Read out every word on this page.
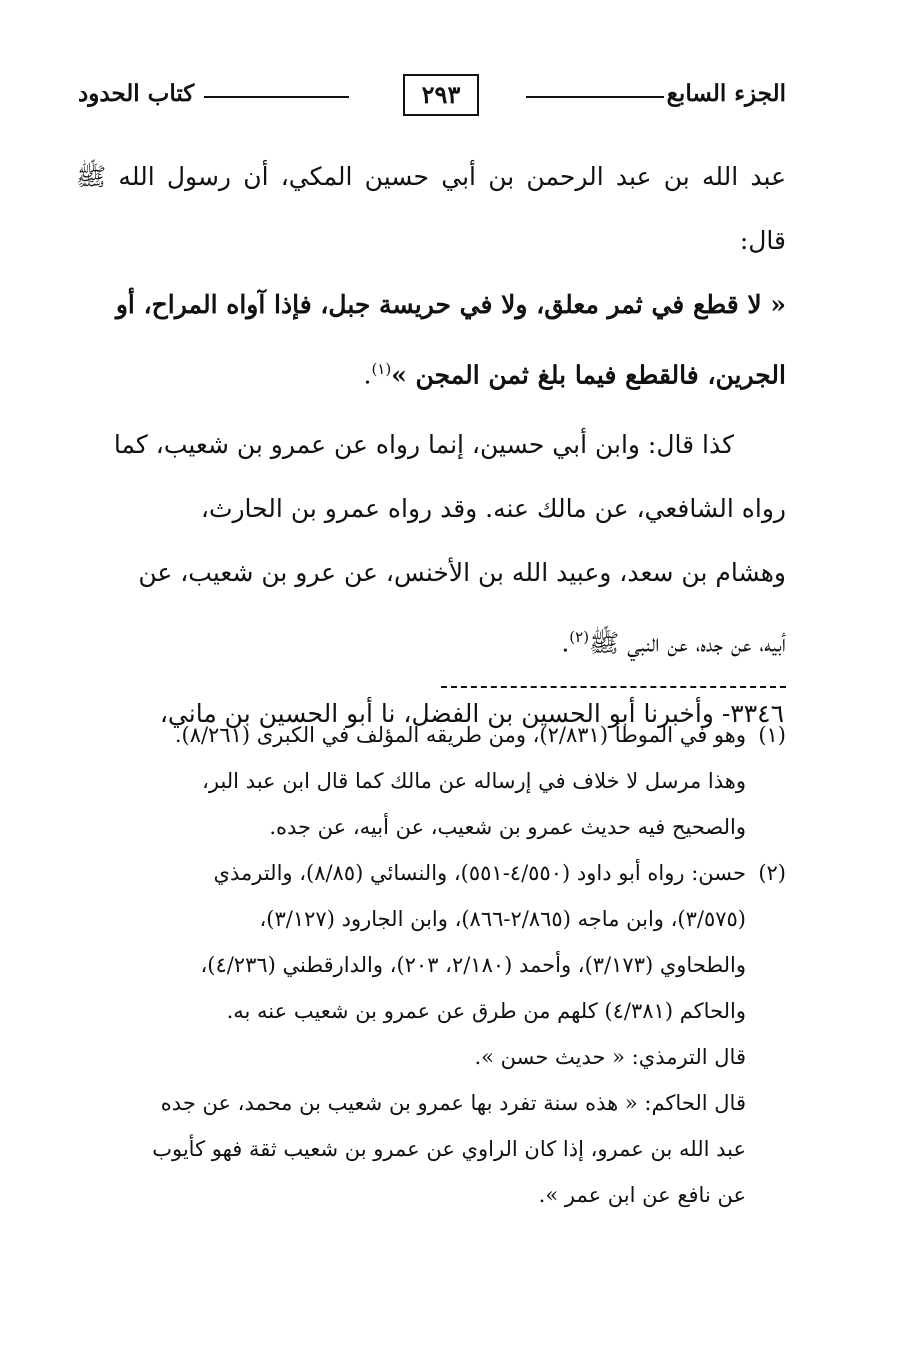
الجزء السابع
٢٩٣
كتاب الحدود

عبد الله بن عبد الرحمن بن أبي حسين المكي، أن رسول الله ﷺ قال:

« لا قطع في ثمر معلق، ولا في حريسة جبل، فإذا آواه المراح، أو

الجرين، فالقطع فيما بلغ ثمن المجن »$^{(١)}$.

كذا قال: وابن أبي حسين، إنما رواه عن عمرو بن شعيب، كما

رواه الشافعي، عن مالك عنه. وقد رواه عمرو بن الحارث،

وهشام بن سعد، وعبيد الله بن الأخنس، عن عرو بن شعيب، عن

أبيه، عن جده، عن النبي ﷺ$^{(٢)}$.

٣٣٤٦- وأخبرنا أبو الحسين بن الفضل، نا أبو الحسين بن ماني،

(١)

وهو في الموطأ (٢/٨٣١)، ومن طريقه المؤلف في الكبرى (٨/٢٦١).

وهذا مرسل لا خلاف في إرساله عن مالك كما قال ابن عبد البر،

والصحيح فيه حديث عمرو بن شعيب، عن أبيه، عن جده.

(٢)

حسن: رواه أبو داود (٤/٥٥٠-٥٥١)، والنسائي (٨/٨٥)، والترمذي

(٣/٥٧٥)، وابن ماجه (٢/٨٦٥-٨٦٦)، وابن الجارود (٣/١٢٧)،

والطحاوي (٣/١٧٣)، وأحمد (٢/١٨٠، ٢٠٣)، والدارقطني (٤/٢٣٦)،

والحاكم (٤/٣٨١) كلهم من طرق عن عمرو بن شعيب عنه به.

قال الترمذي: « حديث حسن ».

قال الحاكم: « هذه سنة تفرد بها عمرو بن شعيب بن محمد، عن جده

عبد الله بن عمرو، إذا كان الراوي عن عمرو بن شعيب ثقة فهو كأيوب

عن نافع عن ابن عمر ».
